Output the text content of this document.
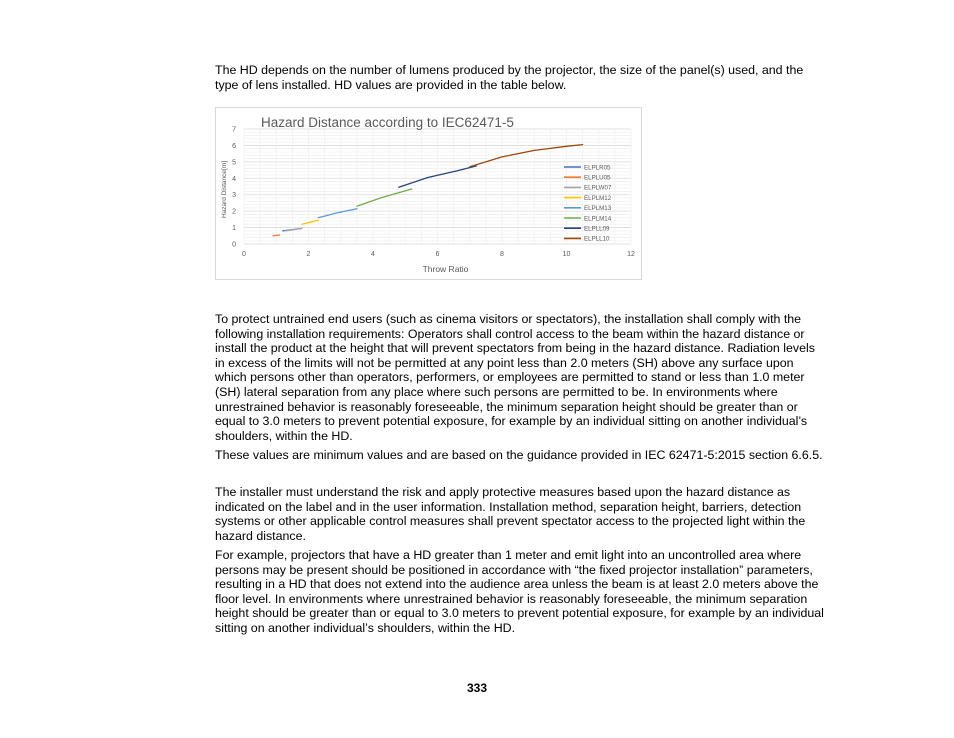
The HD depends on the number of lumens produced by the projector, the size of the panel(s) used, and the type of lens installed. HD values are provided in the table below.

Hazard Distance according to IEC62471-5
0
1
2
3
4
5
6
7
0	2	4	6	8	10	12
Throw Ratio
Hazard Distance[m]	ELPLR05
ELPLU05
ELPLW07
ELPLM12
ELPLM13
ELPLM14
ELPLL09
ELPLL10

To protect untrained end users (such as cinema visitors or spectators), the installation shall comply with the following installation requirements: Operators shall control access to the beam within the hazard distance or install the product at the height that will prevent spectators from being in the hazard distance. Radiation levels in excess of the limits will not be permitted at any point less than 2.0 meters (SH) above any surface upon which persons other than operators, performers, or employees are permitted to stand or less than 1.0 meter (SH) lateral separation from any place where such persons are permitted to be. In environments where unrestrained behavior is reasonably foreseeable, the minimum separation height should be greater than or equal to 3.0 meters to prevent potential exposure, for example by an individual sitting on another individual’s shoulders, within the HD.

These values are minimum values and are based on the guidance provided in IEC 62471-5:2015 section 6.6.5.

The installer must understand the risk and apply protective measures based upon the hazard distance as indicated on the label and in the user information. Installation method, separation height, barriers, detection systems or other applicable control measures shall prevent spectator access to the projected light within the hazard distance.

For example, projectors that have a HD greater than 1 meter and emit light into an uncontrolled area where persons may be present should be positioned in accordance with “the fixed projector installation” parameters, resulting in a HD that does not extend into the audience area unless the beam is at least 2.0 meters above the floor level. In environments where unrestrained behavior is reasonably foreseeable, the minimum separation height should be greater than or equal to 3.0 meters to prevent potential exposure, for example by an individual sitting on another individual’s shoulders, within the HD.

333
